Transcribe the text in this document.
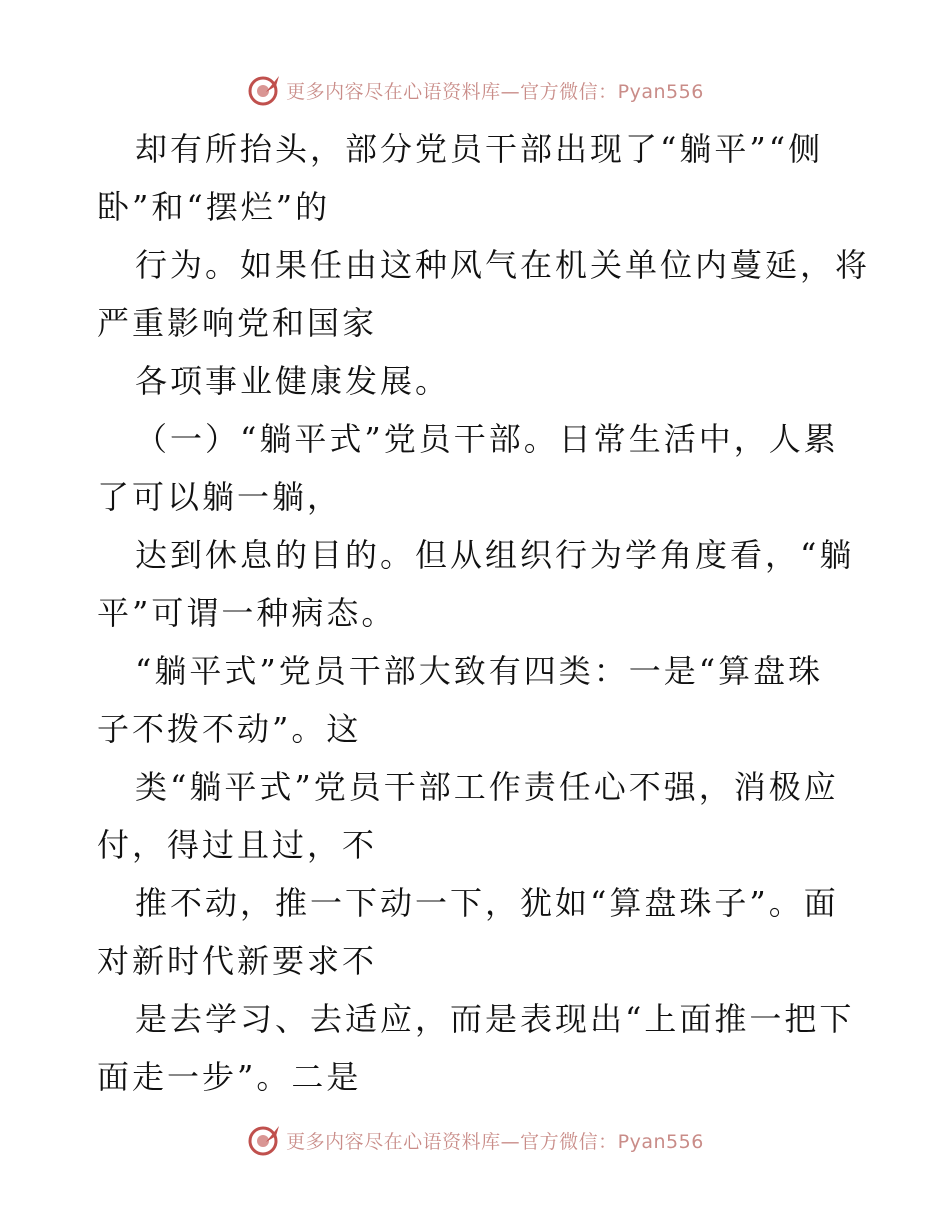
更多内容尽在心语资料库—官方微信：Pyan556
却有所抬头，部分党员干部出现了“躺平”“侧
卧”和“摆烂”的
行为。如果任由这种风气在机关单位内蔓延，将
严重影响党和国家
各项事业健康发展。
（一）“躺平式”党员干部。日常生活中，人累
了可以躺一躺，
达到休息的目的。但从组织行为学角度看，“躺
平”可谓一种病态。
“躺平式”党员干部大致有四类：一是“算盘珠
子不拨不动”。这
类“躺平式”党员干部工作责任心不强，消极应
付，得过且过，不
推不动，推一下动一下，犹如“算盘珠子”。面
对新时代新要求不
是去学习、去适应，而是表现出“上面推一把下
面走一步”。二是
更多内容尽在心语资料库—官方微信：Pyan556
